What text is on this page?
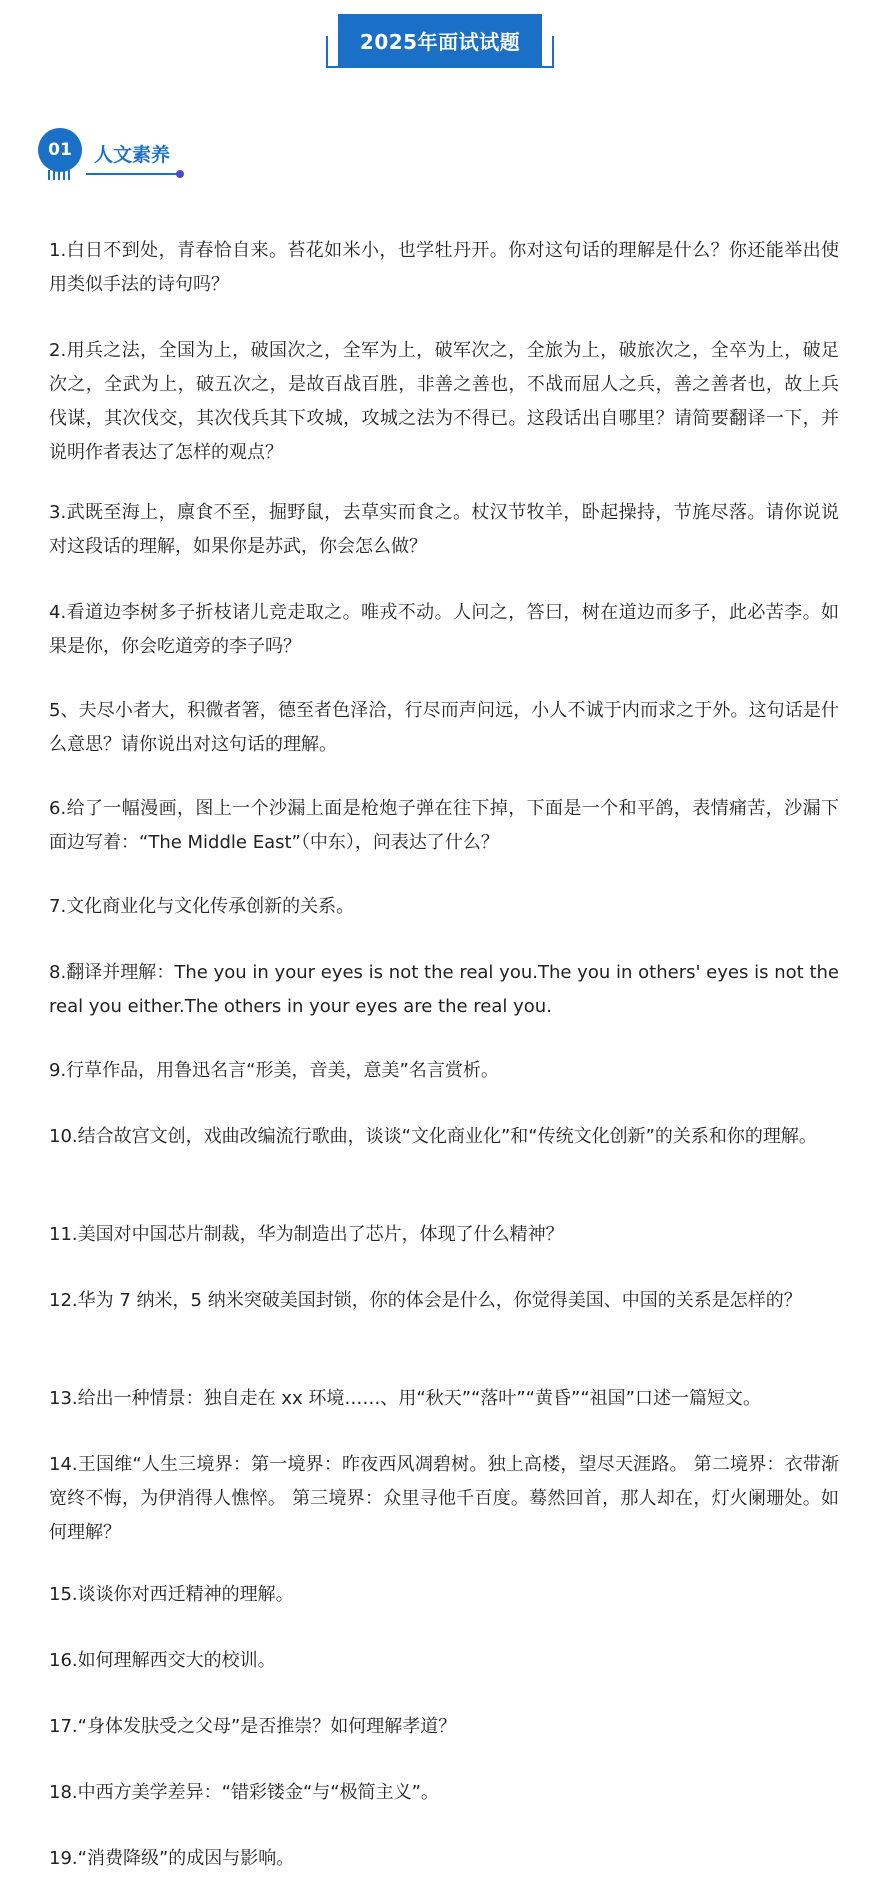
2025年面试试题
01	人文素养

1.白日不到处，青春恰自来。苔花如米小，也学牡丹开。你对这句话的理解是什么？你还能举出使用类似手法的诗句吗？

2.用兵之法，全国为上，破国次之，全军为上，破军次之，全旅为上，破旅次之，全卒为上，破足次之，全武为上，破五次之，是故百战百胜，非善之善也，不战而屈人之兵，善之善者也，故上兵伐谋，其次伐交，其次伐兵其下攻城，攻城之法为不得已。这段话出自哪里？请简要翻译一下，并说明作者表达了怎样的观点？

3.武既至海上，廪食不至，掘野鼠，去草实而食之。杖汉节牧羊，卧起操持，节旄尽落。请你说说对这段话的理解，如果你是苏武，你会怎么做？

4.看道边李树多子折枝诸儿竞走取之。唯戎不动。人问之，答曰，树在道边而多子，此必苦李。如果是你，你会吃道旁的李子吗？

5、夫尽小者大，积微者箸，德至者色泽洽，行尽而声问远，小人不诚于内而求之于外。这句话是什么意思？请你说出对这句话的理解。

6.给了一幅漫画，图上一个沙漏上面是枪炮子弹在往下掉，下面是一个和平鸽，表情痛苦，沙漏下面边写着：“The Middle East”（中东），问表达了什么？

7.文化商业化与文化传承创新的关系。

8.翻译并理解：The you in your eyes is not the real you.The you in others' eyes is not the real you either.The others in your eyes are the real you.

9.行草作品，用鲁迅名言“形美，音美，意美”名言赏析。

10.结合故宫文创，戏曲改编流行歌曲，谈谈“文化商业化”和“传统文化创新”的关系和你的理解。

11.美国对中国芯片制裁，华为制造出了芯片，体现了什么精神？

12.华为 7 纳米，5 纳米突破美国封锁，你的体会是什么，你觉得美国、中国的关系是怎样的？

13.给出一种情景：独自走在 xx 环境……、用“秋天”“落叶”“黄昏”“祖国”口述一篇短文。

14.王国维“人生三境界：第一境界：昨夜西风凋碧树。独上高楼，望尽天涯路。 第二境界：衣带渐宽终不悔，为伊消得人憔悴。 第三境界：众里寻他千百度。蓦然回首，那人却在，灯火阑珊处。如何理解？

15.谈谈你对西迁精神的理解。

16.如何理解西交大的校训。

17.“身体发肤受之父母”是否推崇？如何理解孝道？

18.中西方美学差异：“错彩镂金“与“极简主义”。

19.“消费降级”的成因与影响。
